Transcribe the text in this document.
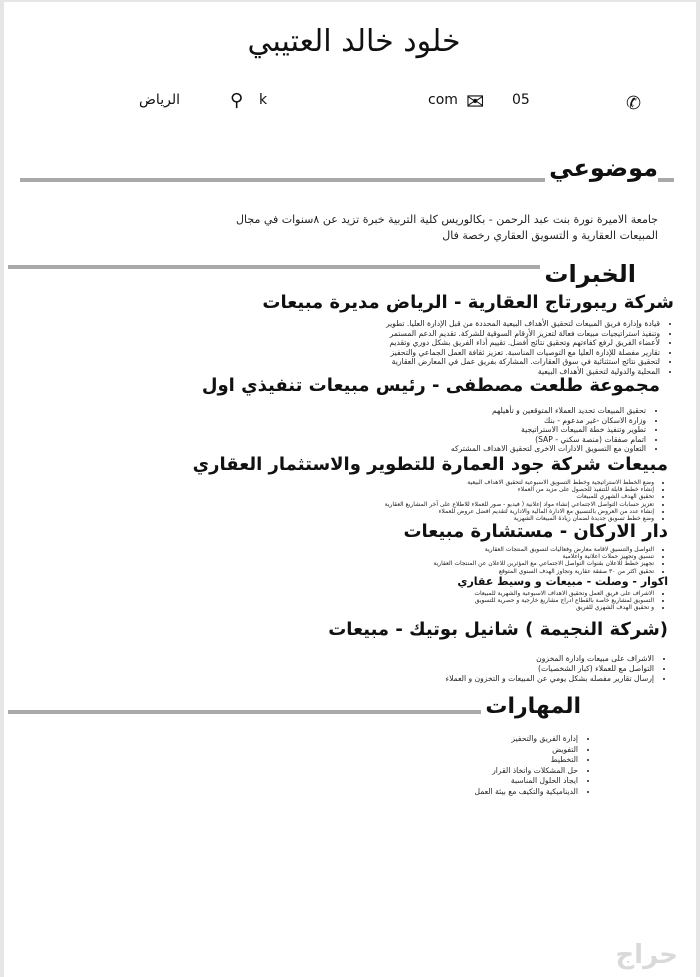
خلود خالد العتيبي
✆
05
✉
com
⚲ k
الرياض
موضوعي
جامعة الاميرة نورة بنت عبد الرحمن - بكالوريس كلية التربية خبرة تزيد عن ٨سنوات في مجال
المبيعات العقارية و التسويق العقاري رخصة فال
الخبرات
شركة ريبورتاج العقارية - الرياض مديرة مبيعات
• قيادة وإدارة فريق المبيعات لتحقيق الأهداف البيعية المحددة من قبل الإدارة العليا. تطوير
• وتنفيذ استراتيجيات مبيعات فعالة لتعزيز الأرقام السوقية للشركة. تقديم الدعم المستمر
• لأعضاء الفريق لرفع كفاءتهم وتحقيق نتائج أفضل. تقييم أداء الفريق بشكل دوري وتقديم
• تقارير مفصلة للإدارة العليا مع التوصيات المناسبة. تعزيز ثقافة العمل الجماعي والتحفيز
• لتحقيق نتائج استثنائية في سوق العقارات. المشاركة بفريق عمل في المعارض العقارية
• المحلية والدولية لتحقيق الأهداف البيعية
مجموعة طلعت مصطفى - رئيس مبيعات تنفيذي اول
• تحقيق المبيعات تحديد العملاء المتوقعين و تأهيلهم
• وزارة الاسكان -غير مدعوم - بنك
• تطوير وتنفيذ خطة المبيعات الاستراتيجية
• اتمام صفقات (منصة سكني - SAP)
• التعاون مع التسويق الادارات الاخرى لتحقيق الاهداف المشتركه
مبيعات شركة جود العمارة للتطوير والاستثمار العقاري
• وضع الخطط الاستراتيجية وخطط التسويق الاسبوعية لتحقيق الاهداف البيعية
• إنشاء خطط قابلة للتنفيذ للحصول على مزيد من العملاء
• تحقيق الهدف الشهري للمبيعات
• تعزيز حسابات التواصل الاجتماعي إنشاء مواد إعلانية ( فيديو - صور للعملاء للاطلاع على آخر المشاريع العقارية
• إنشاء عدد من العروض بالتنسيق مع الادارة المالية والادارية لتقديم افضل عروض للعملاء
• وضع خطط تسويق جديدة لضمان زيادة المبيعات الشهرية
دار الاركان - مستشارة مبيعات
• التواصل والتنسيق لاقامة معارض وفعاليات لتسويق المنتجات العقارية
• تنسيق وتجهيز حملات اعلانية واعلامية
• تجهيز خطط للاعلان بقنوات التواصل الاجتماعي مع المؤثرين للاعلان عن المنتجات العقارية
• تحقيق اكثر من ٣٠ صفقة عقارية وتجاوز الهدف السنوي المتوقع
اكوار - وصلت - مبيعات و وسيط عقاري
• الاشراف على فريق العمل وتحقيق الاهداف الاسبوعية والشهرية للمبيعات
• التسويق لمشاريع خاصة بالقطاع ادراج مشاريع خارجية و حصرية للتسويق
• و تحقيق الهدف الشهري للفريق
(شركة النجيمة ) شانيل بوتيك - مبيعات
• الاشراف على مبيعات وادارة المخزون
• التواصل مع للعملاء (كبار الشخصيات)
• إرسال تقارير مفصله بشكل يومي عن المبيعات و التخزون و العملاء
المهارات
• إدارة الفريق والتحفيز
• التفويض
• التخطيط
• حل المشكلات واتخاذ القرار
• ايجاد الحلول المناسبة
• الديناميكية والتكيف مع بيئة العمل
حراج
